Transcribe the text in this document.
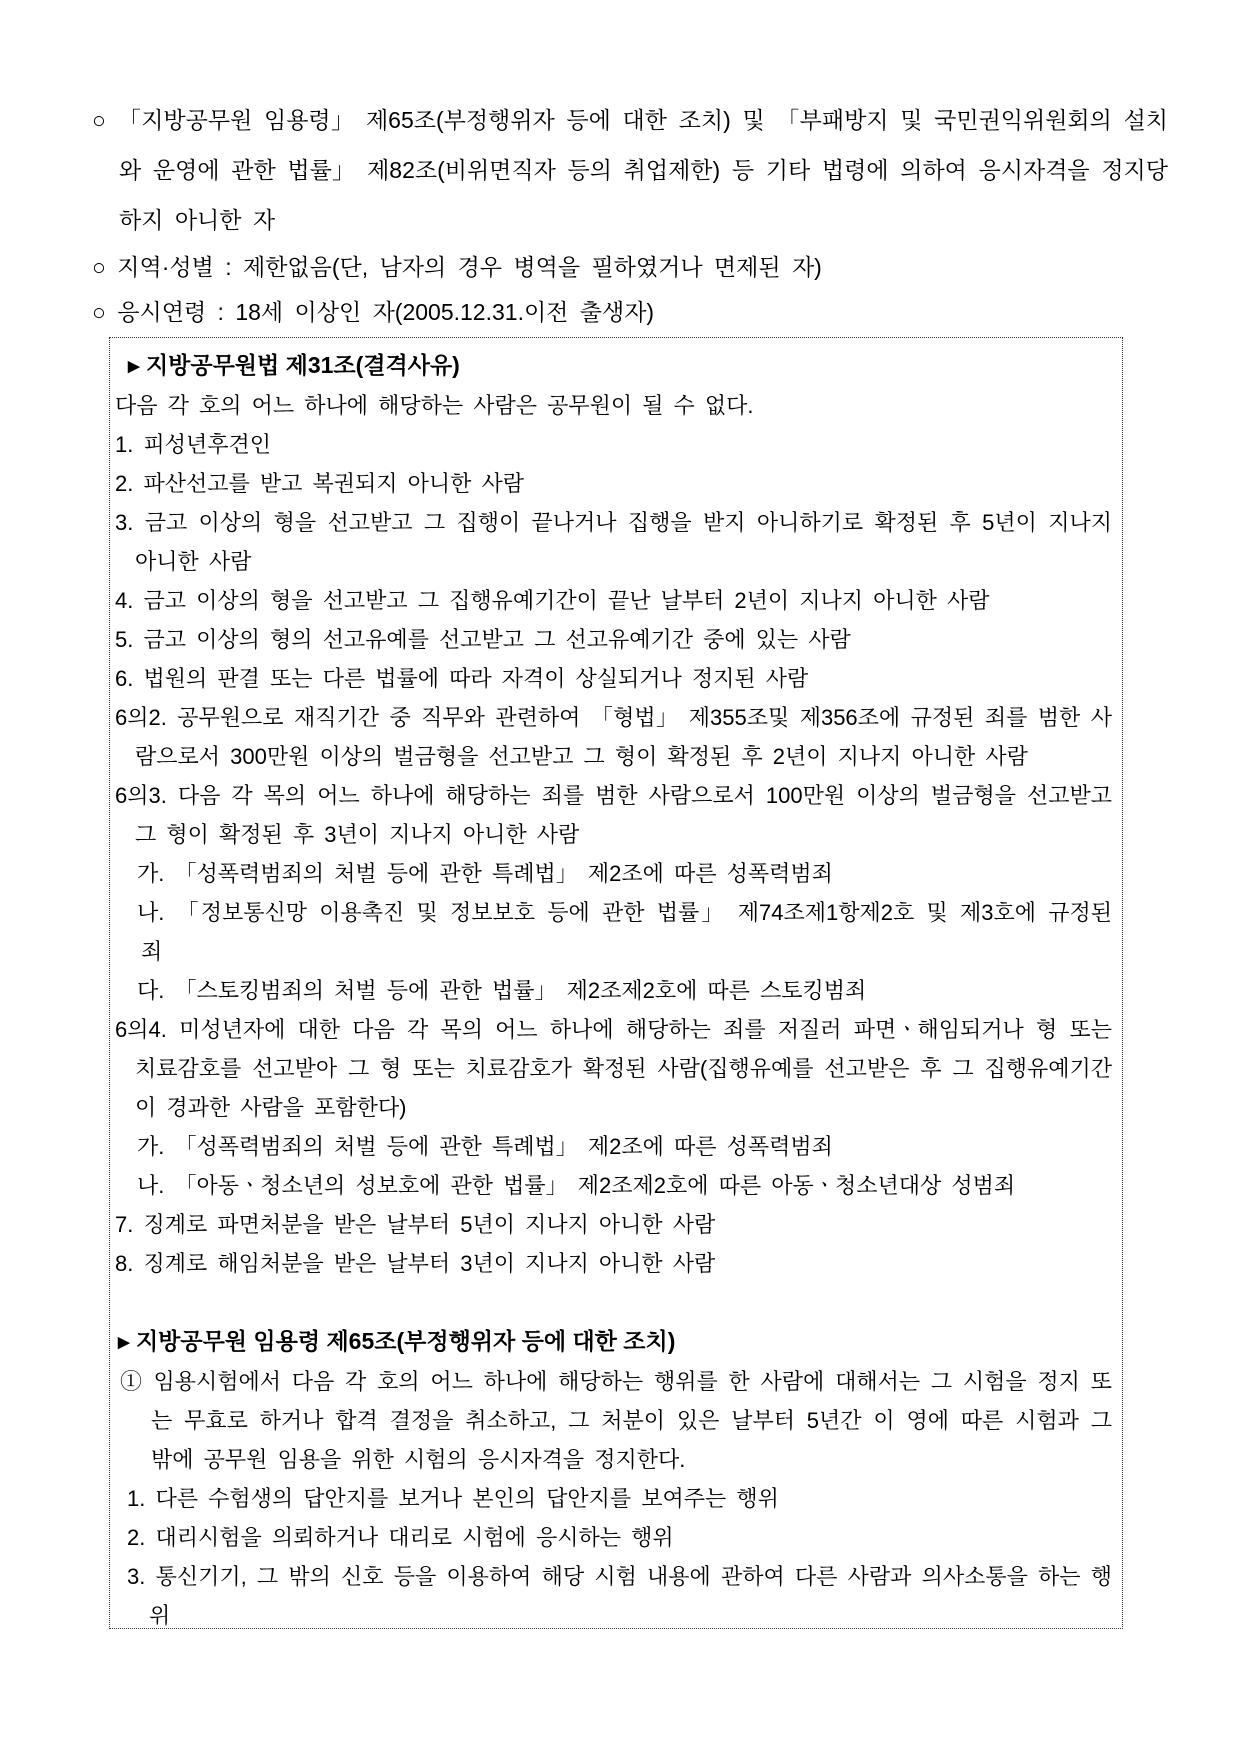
○ 「지방공무원 임용령」 제65조(부정행위자 등에 대한 조치) 및 「부패방지 및 국민권익위원회의 설치와 운영에 관한 법률」 제82조(비위면직자 등의 취업제한) 등 기타 법령에 의하여 응시자격을 정지당하지 아니한 자
○ 지역·성별 : 제한없음(단, 남자의 경우 병역을 필하였거나 면제된 자)
○ 응시연령 : 18세 이상인 자(2005.12.31.이전 출생자)
▶ 지방공무원법 제31조(결격사유)
다음 각 호의 어느 하나에 해당하는 사람은 공무원이 될 수 없다.
1. 피성년후견인
2. 파산선고를 받고 복권되지 아니한 사람
3. 금고 이상의 형을 선고받고 그 집행이 끝나거나 집행을 받지 아니하기로 확정된 후 5년이 지나지 아니한 사람
4. 금고 이상의 형을 선고받고 그 집행유예기간이 끝난 날부터 2년이 지나지 아니한 사람
5. 금고 이상의 형의 선고유예를 선고받고 그 선고유예기간 중에 있는 사람
6. 법원의 판결 또는 다른 법률에 따라 자격이 상실되거나 정지된 사람
6의2. 공무원으로 재직기간 중 직무와 관련하여 「형법」 제355조및 제356조에 규정된 죄를 범한 사람으로서 300만원 이상의 벌금형을 선고받고 그 형이 확정된 후 2년이 지나지 아니한 사람
6의3. 다음 각 목의 어느 하나에 해당하는 죄를 범한 사람으로서 100만원 이상의 벌금형을 선고받고 그 형이 확정된 후 3년이 지나지 아니한 사람
가. 「성폭력범죄의 처벌 등에 관한 특례법」 제2조에 따른 성폭력범죄
나. 「정보통신망 이용촉진 및 정보보호 등에 관한 법률」 제74조제1항제2호 및 제3호에 규정된 죄
다. 「스토킹범죄의 처벌 등에 관한 법률」 제2조제2호에 따른 스토킹범죄
6의4. 미성년자에 대한 다음 각 목의 어느 하나에 해당하는 죄를 저질러 파면ㆍ해임되거나 형 또는 치료감호를 선고받아 그 형 또는 치료감호가 확정된 사람(집행유예를 선고받은 후 그 집행유예기간이 경과한 사람을 포함한다)
가. 「성폭력범죄의 처벌 등에 관한 특례법」 제2조에 따른 성폭력범죄
나. 「아동ㆍ청소년의 성보호에 관한 법률」 제2조제2호에 따른 아동ㆍ청소년대상 성범죄
7. 징계로 파면처분을 받은 날부터 5년이 지나지 아니한 사람
8. 징계로 해임처분을 받은 날부터 3년이 지나지 아니한 사람
▶ 지방공무원 임용령 제65조(부정행위자 등에 대한 조치)
① 임용시험에서 다음 각 호의 어느 하나에 해당하는 행위를 한 사람에 대해서는 그 시험을 정지 또는 무효로 하거나 합격 결정을 취소하고, 그 처분이 있은 날부터 5년간 이 영에 따른 시험과 그 밖에 공무원 임용을 위한 시험의 응시자격을 정지한다.
1. 다른 수험생의 답안지를 보거나 본인의 답안지를 보여주는 행위
2. 대리시험을 의뢰하거나 대리로 시험에 응시하는 행위
3. 통신기기, 그 밖의 신호 등을 이용하여 해당 시험 내용에 관하여 다른 사람과 의사소통을 하는 행위
